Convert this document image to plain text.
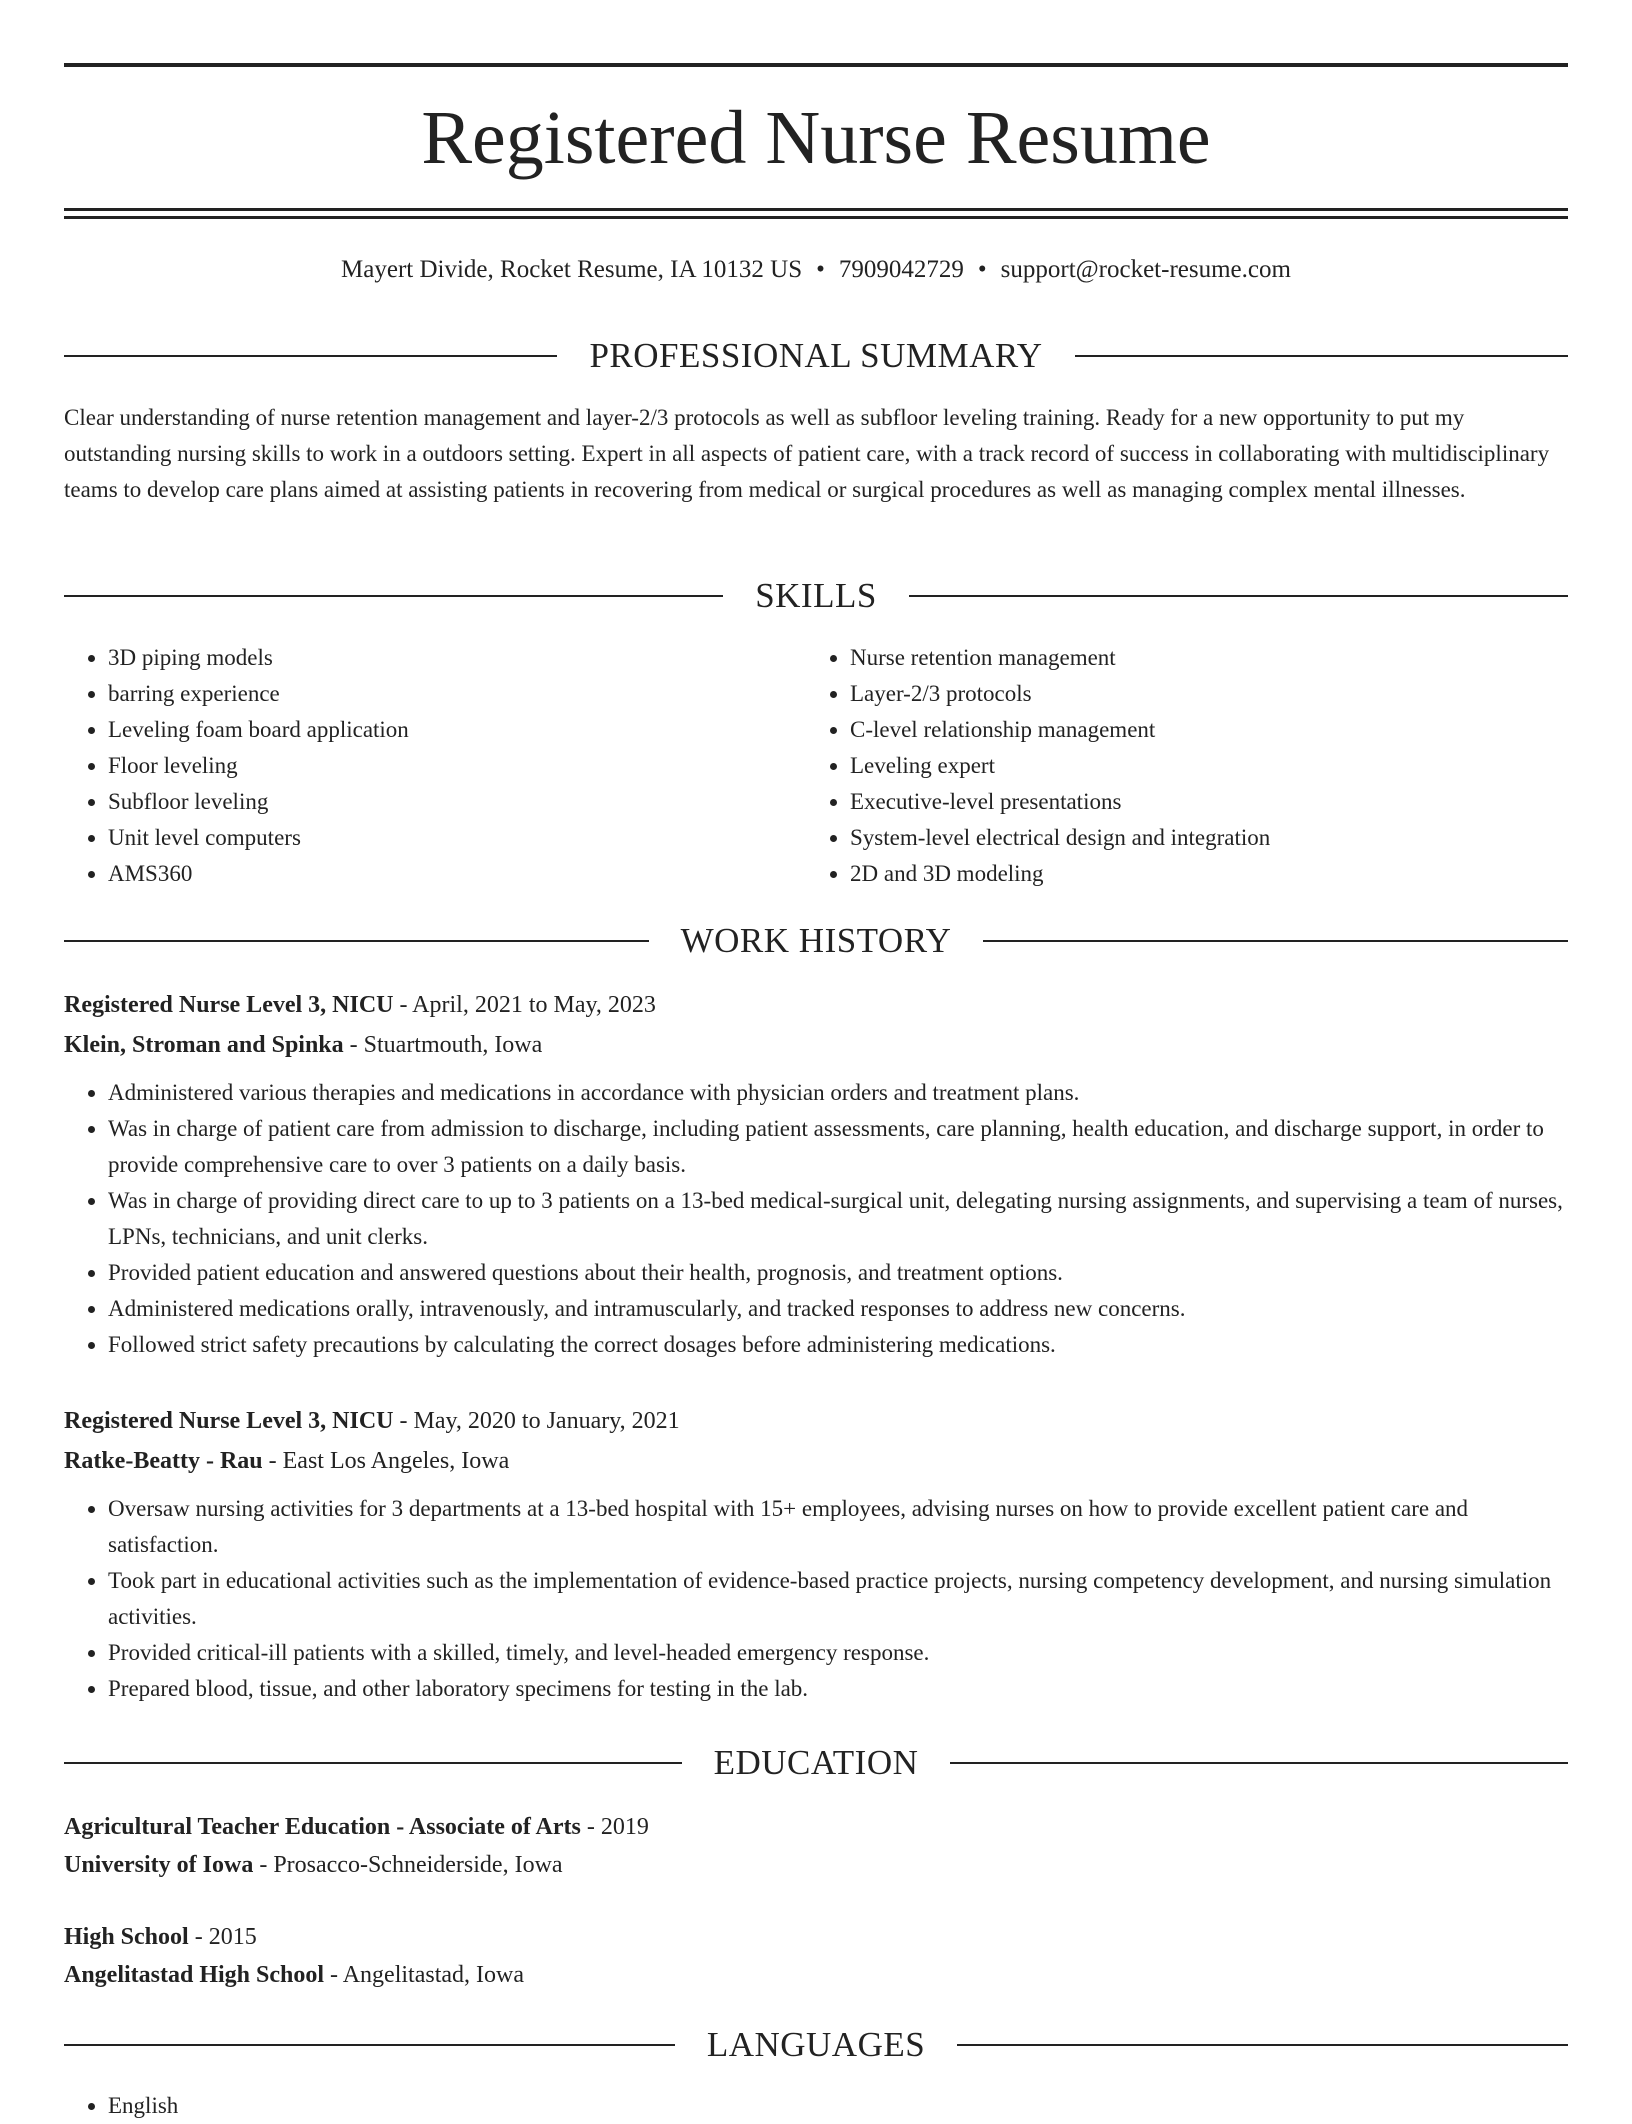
Registered Nurse Resume
Mayert Divide, Rocket Resume, IA 10132 US • 7909042729 • support@rocket-resume.com
PROFESSIONAL SUMMARY

Clear understanding of nurse retention management and layer-2/3 protocols as well as subfloor leveling training. Ready for a new opportunity to put my outstanding nursing skills to work in a outdoors setting. Expert in all aspects of patient care, with a track record of success in collaborating with multidisciplinary teams to develop care plans aimed at assisting patients in recovering from medical or surgical procedures as well as managing complex mental illnesses.

SKILLS
• 3D piping models
• barring experience
• Leveling foam board application
• Floor leveling
• Subfloor leveling
• Unit level computers
• AMS360
• Nurse retention management
• Layer-2/3 protocols
• C-level relationship management
• Leveling expert
• Executive-level presentations
• System-level electrical design and integration
• 2D and 3D modeling
WORK HISTORY
Registered Nurse Level 3, NICU - April, 2021 to May, 2023
Klein, Stroman and Spinka - Stuartmouth, Iowa
• Administered various therapies and medications in accordance with physician orders and treatment plans.
• Was in charge of patient care from admission to discharge, including patient assessments, care planning, health education, and discharge support, in order to provide comprehensive care to over 3 patients on a daily basis.
• Was in charge of providing direct care to up to 3 patients on a 13-bed medical-surgical unit, delegating nursing assignments, and supervising a team of nurses, LPNs, technicians, and unit clerks.
• Provided patient education and answered questions about their health, prognosis, and treatment options.
• Administered medications orally, intravenously, and intramuscularly, and tracked responses to address new concerns.
• Followed strict safety precautions by calculating the correct dosages before administering medications.
Registered Nurse Level 3, NICU - May, 2020 to January, 2021
Ratke-Beatty - Rau - East Los Angeles, Iowa
• Oversaw nursing activities for 3 departments at a 13-bed hospital with 15+ employees, advising nurses on how to provide excellent patient care and satisfaction.
• Took part in educational activities such as the implementation of evidence-based practice projects, nursing competency development, and nursing simulation activities.
• Provided critical-ill patients with a skilled, timely, and level-headed emergency response.
• Prepared blood, tissue, and other laboratory specimens for testing in the lab.
EDUCATION
Agricultural Teacher Education - Associate of Arts - 2019
University of Iowa - Prosacco-Schneiderside, Iowa
High School - 2015
Angelitastad High School - Angelitastad, Iowa
LANGUAGES
• English
